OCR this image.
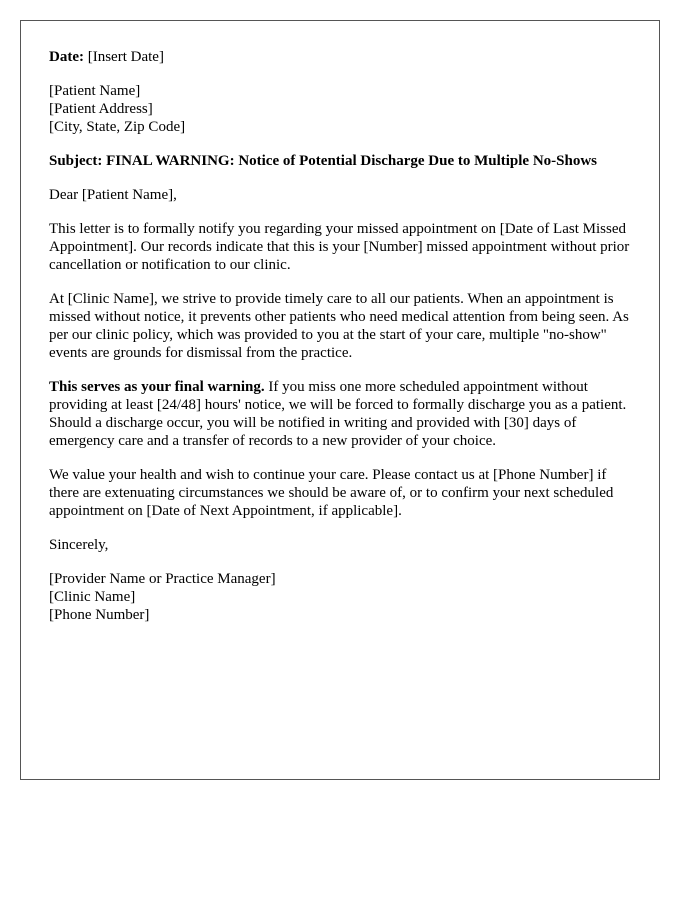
Date: [Insert Date]

[Patient Name]
[Patient Address]
[City, State, Zip Code]

Subject: FINAL WARNING: Notice of Potential Discharge Due to Multiple No-Shows

Dear [Patient Name],

This letter is to formally notify you regarding your missed appointment on [Date of Last Missed Appointment]. Our records indicate that this is your [Number] missed appointment without prior cancellation or notification to our clinic.

At [Clinic Name], we strive to provide timely care to all our patients. When an appointment is missed without notice, it prevents other patients who need medical attention from being seen. As per our clinic policy, which was provided to you at the start of your care, multiple "no-show" events are grounds for dismissal from the practice.

This serves as your final warning. If you miss one more scheduled appointment without providing at least [24/48] hours' notice, we will be forced to formally discharge you as a patient. Should a discharge occur, you will be notified in writing and provided with [30] days of emergency care and a transfer of records to a new provider of your choice.

We value your health and wish to continue your care. Please contact us at [Phone Number] if there are extenuating circumstances we should be aware of, or to confirm your next scheduled appointment on [Date of Next Appointment, if applicable].

Sincerely,

[Provider Name or Practice Manager]
[Clinic Name]
[Phone Number]
